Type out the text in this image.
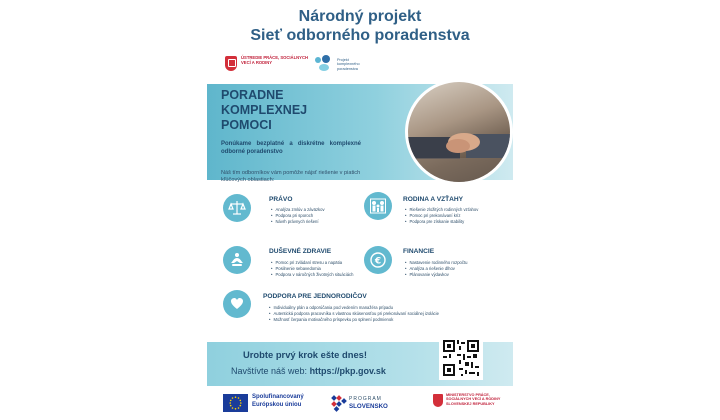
Národný projekt
Sieť odborného poradenstva
ÚSTREDIE PRÁCE, SOCIÁLNYCH VECÍ A RODINY	Projekt komplexného poradenstva
PORADNE
KOMPLEXNEJ
POMOCI
Ponúkame bezplatné a diskrétne komplexné odborné poradenstvo
Náš tím odborníkov vám pomôže nájsť riešenie v piatich kľúčových oblastiach:
PRÁVO
• Analýza zmlúv a záväzkov
• Podpora pri sporoch
• Návrh právnych riešení
RODINA A VZŤAHY
• Riešenie zložitých rodinných vzťahov
• Pomoc pri prekonávaní kríz
• Podpora pre získanie stability
DUŠEVNÉ ZDRAVIE
• Pomoc pri zvládaní stresu a napätia
• Posilnenie sebavedomia
• Podpora v náročných životných situáciách
€
FINANCIE
• Nastavenie rodinného rozpočtu
• Analýza a riešenie dlhov
• Plánovanie výdavkov
PODPORA PRE JEDNORODIČOV
• Individuálny plán a odporúčania pod vedením manažéra prípadu
• Autentická podpora pracovníka s vlastnou skúsenosťou pri prekonávaní sociálnej izolácie
• Možnosť čerpania motivačného príspevku po splnení podmienok
Urobte prvý krok ešte dnes!
Navštívte náš web: https://pkp.gov.sk
Spolufinancovaný Európskou úniou
PROGRAM
SLOVENSKO
MINISTERSTVO PRÁCE, SOCIÁLNYCH VECÍ A RODINY SLOVENSKEJ REPUBLIKY
